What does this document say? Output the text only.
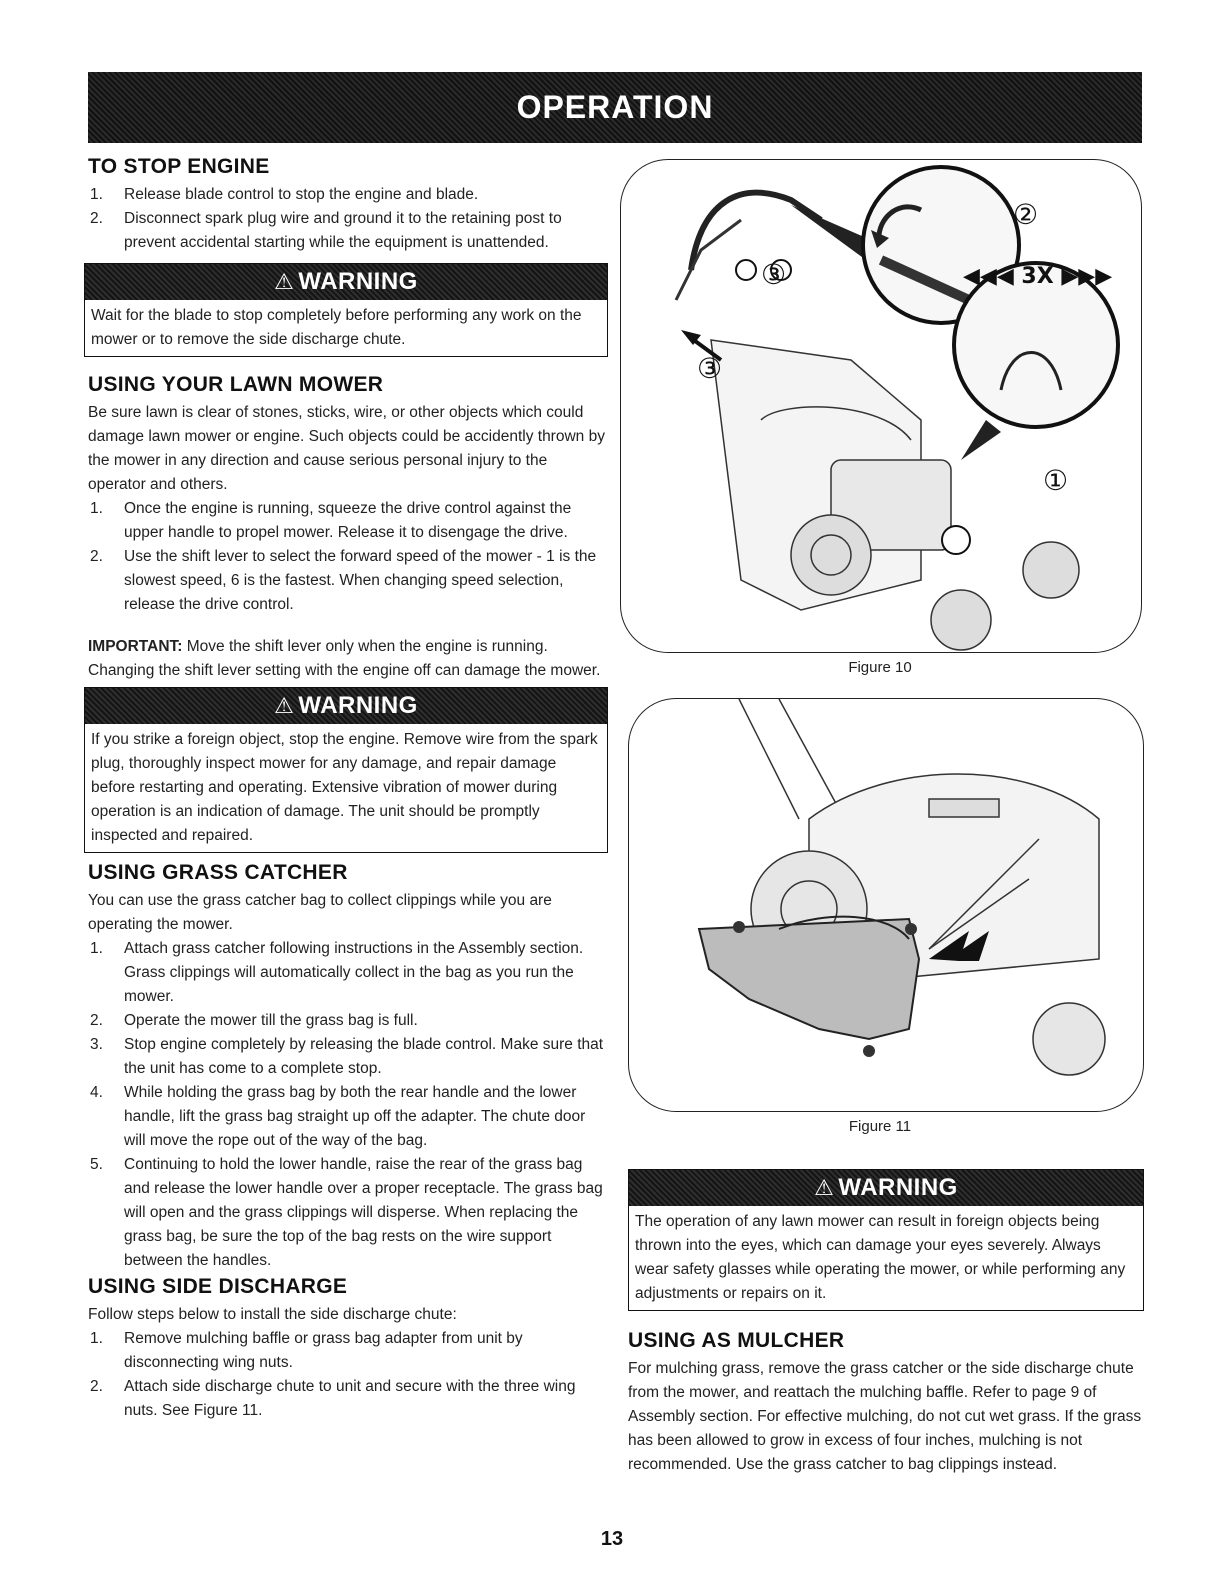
OPERATION
TO STOP ENGINE
1. Release blade control to stop the engine and blade.
2. Disconnect spark plug wire and ground it to the retaining post to prevent accidental starting while the equipment is unattended.
⚠ WARNING

Wait for the blade to stop completely before performing any work on the mower or to remove the side discharge chute.

USING YOUR LAWN MOWER

Be sure lawn is clear of stones, sticks, wire, or other objects which could damage lawn mower or engine. Such objects could be accidently thrown by the mower in any direction and cause serious personal injury to the operator and others.

1. Once the engine is running, squeeze the drive control against the upper handle to propel mower. Release it to disengage the drive.
2. Use the shift lever to select the forward speed of the mower - 1 is the slowest speed, 6 is the fastest. When changing speed selection, release the drive control.

IMPORTANT: Move the shift lever only when the engine is running. Changing the shift lever setting with the engine off can damage the mower.

⚠ WARNING

If you strike a foreign object, stop the engine. Remove wire from the spark plug, thoroughly inspect mower for any damage, and repair damage before restarting and operating. Extensive vibration of mower during operation is an indication of damage. The unit should be promptly inspected and repaired.

USING GRASS CATCHER

You can use the grass catcher bag to collect clippings while you are operating the mower.

1. Attach grass catcher following instructions in the Assembly section. Grass clippings will automatically collect in the bag as you run the mower.
2. Operate the mower till the grass bag is full.
3. Stop engine completely by releasing the blade control. Make sure that the unit has come to a complete stop.
4. While holding the grass bag by both the rear handle and the lower handle, lift the grass bag straight up off the adapter. The chute door will move the rope out of the way of the bag.
5. Continuing to hold the lower handle, raise the rear of the grass bag and release the lower handle over a proper receptacle. The grass bag will open and the grass clippings will disperse. When replacing the grass bag, be sure the top of the bag rests on the wire support between the handles.
USING SIDE DISCHARGE

Follow steps below to install the side discharge chute:

1. Remove mulching baffle or grass bag adapter from unit by disconnecting wing nuts.
2. Attach side discharge chute to unit and secure with the three wing nuts. See Figure 11.
②
③
③
①
◀◀◀ 3X ▶▶▶
Figure 10
Figure 11
⚠ WARNING

The operation of any lawn mower can result in foreign objects being thrown into the eyes, which can damage your eyes severely. Always wear safety glasses while operating the mower, or while performing any adjustments or repairs on it.

USING AS MULCHER

For mulching grass, remove the grass catcher or the side discharge chute from the mower, and reattach the mulching baffle. Refer to page 9 of Assembly section. For effective mulching, do not cut wet grass. If the grass has been allowed to grow in excess of four inches, mulching is not recommended. Use the grass catcher to bag clippings instead.

13
